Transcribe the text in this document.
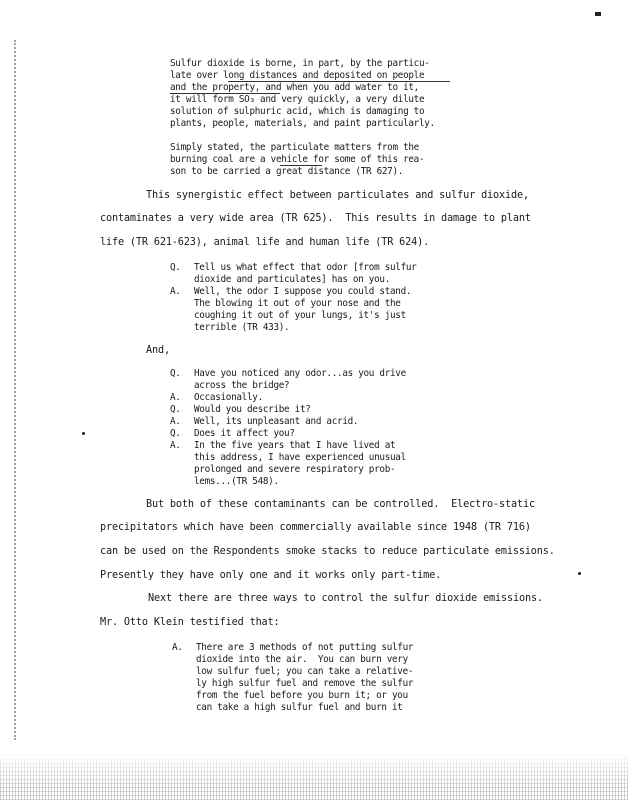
Sulfur dioxide is borne, in part, by the particu-
late over long distances and deposited on people
and the property, and when you add water to it,
it will form SO₃ and very quickly, a very dilute
solution of sulphuric acid, which is damaging to
plants, people, materials, and paint particularly.
Simply stated, the particulate matters from the
burning coal are a vehicle for some of this rea-
son to be carried a great distance (TR 627).
This synergistic effect between particulates and sulfur dioxide,
contaminates a very wide area (TR 625).  This results in damage to plant
life (TR 621-623), animal life and human life (TR 624).
Q. Tell us what effect that odor [from sulfur
dioxide and particulates] has on you.
A. Well, the odor I suppose you could stand.
The blowing it out of your nose and the
coughing it out of your lungs, it's just
terrible (TR 433).
And,
Q. Have you noticed any odor...as you drive
across the bridge?
A. Occasionally.
Q. Would you describe it?
A. Well, its unpleasant and acrid.
Q. Does it affect you?
A. In the five years that I have lived at
this address, I have experienced unusual
prolonged and severe respiratory prob-
lems...(TR 548).
But both of these contaminants can be controlled.  Electro-static
precipitators which have been commercially available since 1948 (TR 716)
can be used on the Respondents smoke stacks to reduce particulate emissions.
Presently they have only one and it works only part-time.
Next there are three ways to control the sulfur dioxide emissions.
Mr. Otto Klein testified that:
A. There are 3 methods of not putting sulfur
dioxide into the air.  You can burn very
low sulfur fuel; you can take a relative-
ly high sulfur fuel and remove the sulfur
from the fuel before you burn it; or you
can take a high sulfur fuel and burn it
